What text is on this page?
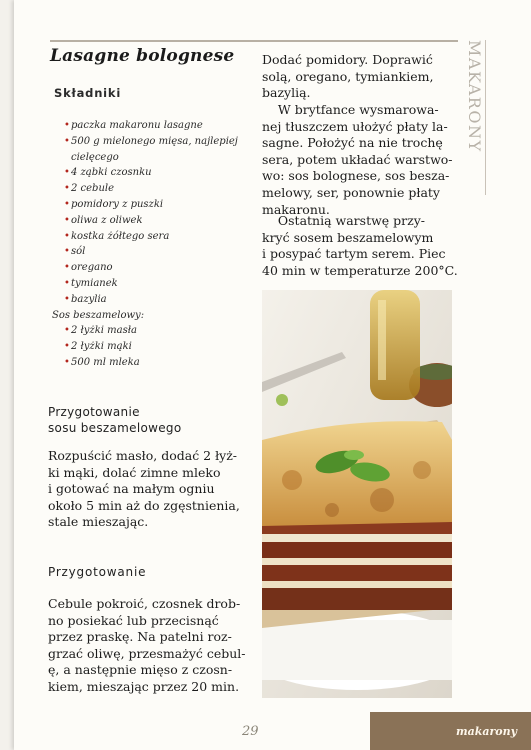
Lasagne bolognese
Składniki
• paczka makaronu lasagne
• 500 g mielonego mięsa, najlepiej
cielęcego
• 4 ząbki czosnku
• 2 cebule
• pomidory z puszki
• oliwa z oliwek
• kostka żółtego sera
• sól
• oregano
• tymianek
• bazylia
Sos beszamelowy:
• 2 łyżki masła
• 2 łyżki mąki
• 500 ml mleka
Przygotowanie
sosu beszamelowego
Rozpuścić masło, dodać 2 łyż-
ki mąki, dolać zimne mleko
i gotować na małym ogniu
około 5 min aż do zgęstnienia,
stale mieszając.
Przygotowanie
Cebule pokroić, czosnek drob-
no posiekać lub przecisnąć
przez praskę. Na patelni roz-
grzać oliwę, przesmażyć cebul-
ę, a następnie mięso z czosn-
kiem, mieszając przez 20 min.
Dodać pomidory. Doprawić
solą, oregano, tymiankiem,
bazylią.
W brytfance wysmarowa-
nej tłuszczem ułożyć płaty la-
sagne. Położyć na nie trochę
sera, potem układać warstwo-
wo: sos bolognese, sos besza-
melowy, ser, ponownie płaty
makaronu.
Ostatnią warstwę przy-
kryć sosem beszamelowym
i posypać tartym serem. Piec
40 min w temperaturze 200°C.
MAKARONY
29	makarony
